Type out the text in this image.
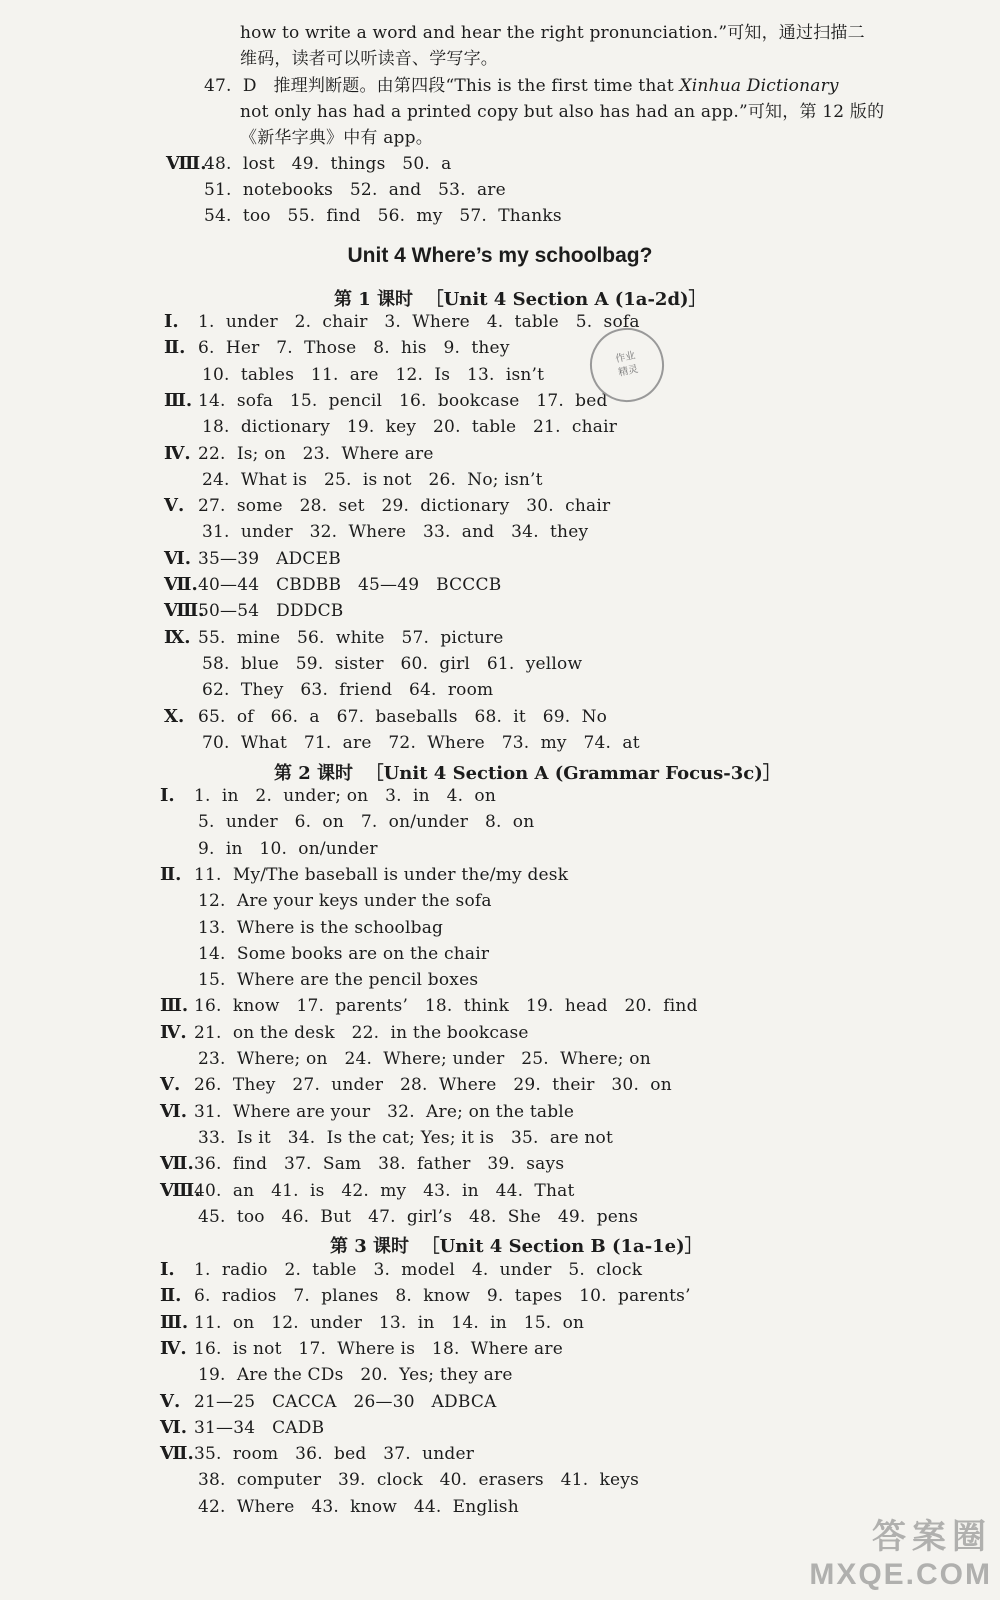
how to write a word and hear the right pronunciation.”可知，通过扫描二
维码，读者可以听读音、学写字。
47.  D   推理判断题。由第四段“This is the first time that Xinhua Dictionary
not only has had a printed copy but also has had an app.”可知，第 12 版的
《新华字典》中有 app。
Ⅷ.
48.  lost   49.  things   50.  a
51.  notebooks   52.  and   53.  are
54.  too   55.  find   56.  my   57.  Thanks
Unit 4 Where’s my schoolbag?
第 1 课时  ［Unit 4 Section A (1a-2d)］
Ⅰ. 1.  under   2.  chair   3.  Where   4.  table   5.  sofa
Ⅱ. 6.  Her   7.  Those   8.  his   9.  they
10.  tables   11.  are   12.  Is   13.  isn’t
Ⅲ. 14.  sofa   15.  pencil   16.  bookcase   17.  bed
18.  dictionary   19.  key   20.  table   21.  chair
Ⅳ. 22.  Is; on   23.  Where are
24.  What is   25.  is not   26.  No; isn’t
Ⅴ. 27.  some   28.  set   29.  dictionary   30.  chair
31.  under   32.  Where   33.  and   34.  they
Ⅵ. 35—39   ADCEB
Ⅶ. 40—44   CBDBB   45—49   BCCCB
Ⅷ.
50—54   DDDCB
Ⅸ. 55.  mine   56.  white   57.  picture
58.  blue   59.  sister   60.  girl   61.  yellow
62.  They   63.  friend   64.  room
Ⅹ. 65.  of   66.  a   67.  baseballs   68.  it   69.  No
70.  What   71.  are   72.  Where   73.  my   74.  at
作业
精灵
第 2 课时  ［Unit 4 Section A (Grammar Focus-3c)］
Ⅰ. 1.  in   2.  under; on   3.  in   4.  on
5.  under   6.  on   7.  on/under   8.  on
9.  in   10.  on/under
Ⅱ. 11.  My/The baseball is under the/my desk
12.  Are your keys under the sofa
13.  Where is the schoolbag
14.  Some books are on the chair
15.  Where are the pencil boxes
Ⅲ. 16.  know   17.  parents’   18.  think   19.  head   20.  find
Ⅳ. 21.  on the desk   22.  in the bookcase
23.  Where; on   24.  Where; under   25.  Where; on
Ⅴ. 26.  They   27.  under   28.  Where   29.  their   30.  on
Ⅵ. 31.  Where are your   32.  Are; on the table
33.  Is it   34.  Is the cat; Yes; it is   35.  are not
Ⅶ. 36.  find   37.  Sam   38.  father   39.  says
Ⅷ.
40.  an   41.  is   42.  my   43.  in   44.  That
45.  too   46.  But   47.  girl’s   48.  She   49.  pens
第 3 课时  ［Unit 4 Section B (1a-1e)］
Ⅰ. 1.  radio   2.  table   3.  model   4.  under   5.  clock
Ⅱ. 6.  radios   7.  planes   8.  know   9.  tapes   10.  parents’
Ⅲ. 11.  on   12.  under   13.  in   14.  in   15.  on
Ⅳ. 16.  is not   17.  Where is   18.  Where are
19.  Are the CDs   20.  Yes; they are
Ⅴ. 21—25   CACCA   26—30   ADBCA
Ⅵ. 31—34   CADB
Ⅶ. 35.  room   36.  bed   37.  under
38.  computer   39.  clock   40.  erasers   41.  keys
42.  Where   43.  know   44.  English
答案圈
MXQE.COM
